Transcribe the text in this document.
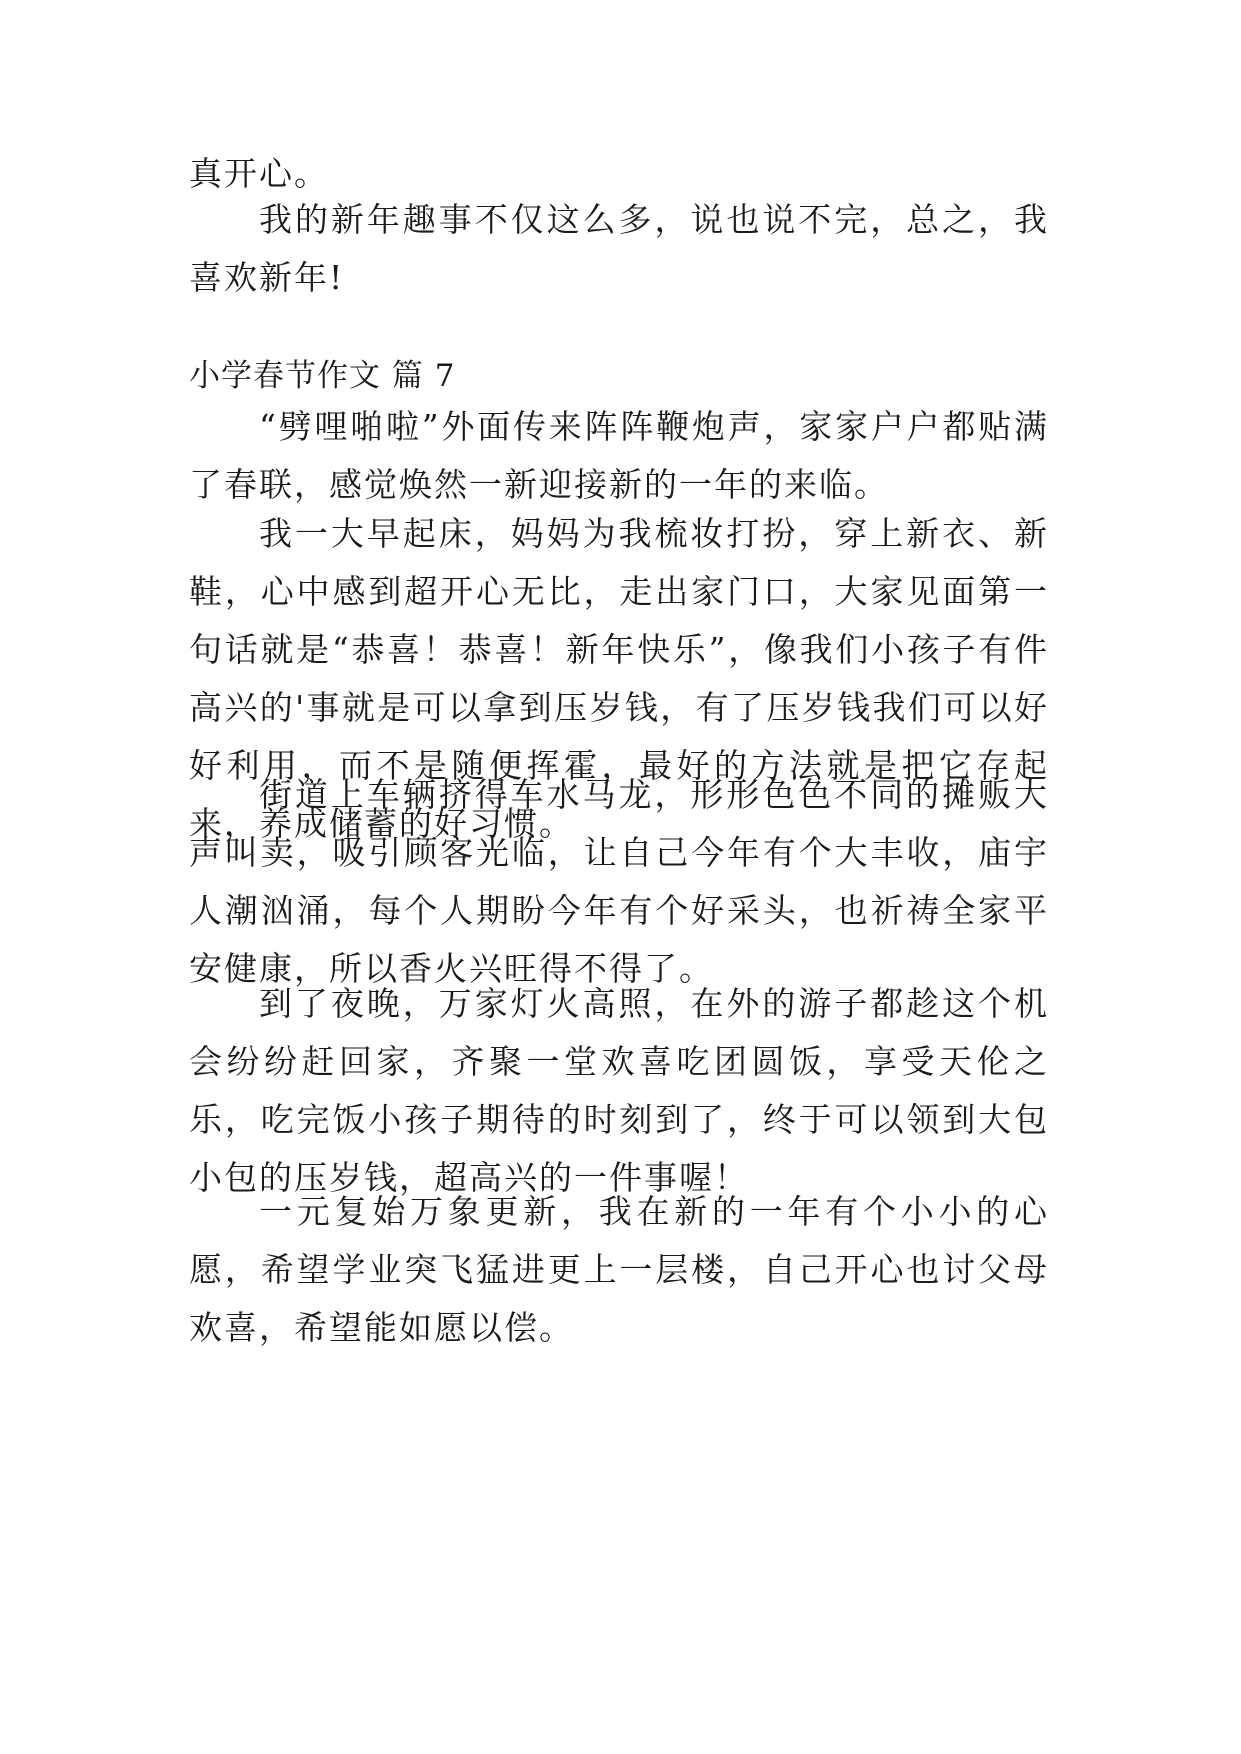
真开心。

我的新年趣事不仅这么多，说也说不完，总之，我喜欢新年!

小学春节作文 篇 7

“劈哩啪啦”外面传来阵阵鞭炮声，家家户户都贴满了春联，感觉焕然一新迎接新的一年的来临。

我一大早起床，妈妈为我梳妆打扮，穿上新衣、新鞋，心中感到超开心无比，走出家门口，大家见面第一句话就是“恭喜！恭喜！新年快乐”，像我们小孩子有件高兴的'事就是可以拿到压岁钱，有了压岁钱我们可以好好利用，而不是随便挥霍，最好的方法就是把它存起来，养成储蓄的好习惯。

街道上车辆挤得车水马龙，形形色色不同的摊贩大声叫卖，吸引顾客光临，让自己今年有个大丰收，庙宇人潮汹涌，每个人期盼今年有个好采头，也祈祷全家平安健康，所以香火兴旺得不得了。

到了夜晚，万家灯火高照，在外的游子都趁这个机会纷纷赶回家，齐聚一堂欢喜吃团圆饭，享受天伦之乐，吃完饭小孩子期待的时刻到了，终于可以领到大包小包的压岁钱，超高兴的一件事喔！

一元复始万象更新，我在新的一年有个小小的心愿，希望学业突飞猛进更上一层楼，自己开心也讨父母欢喜，希望能如愿以偿。
